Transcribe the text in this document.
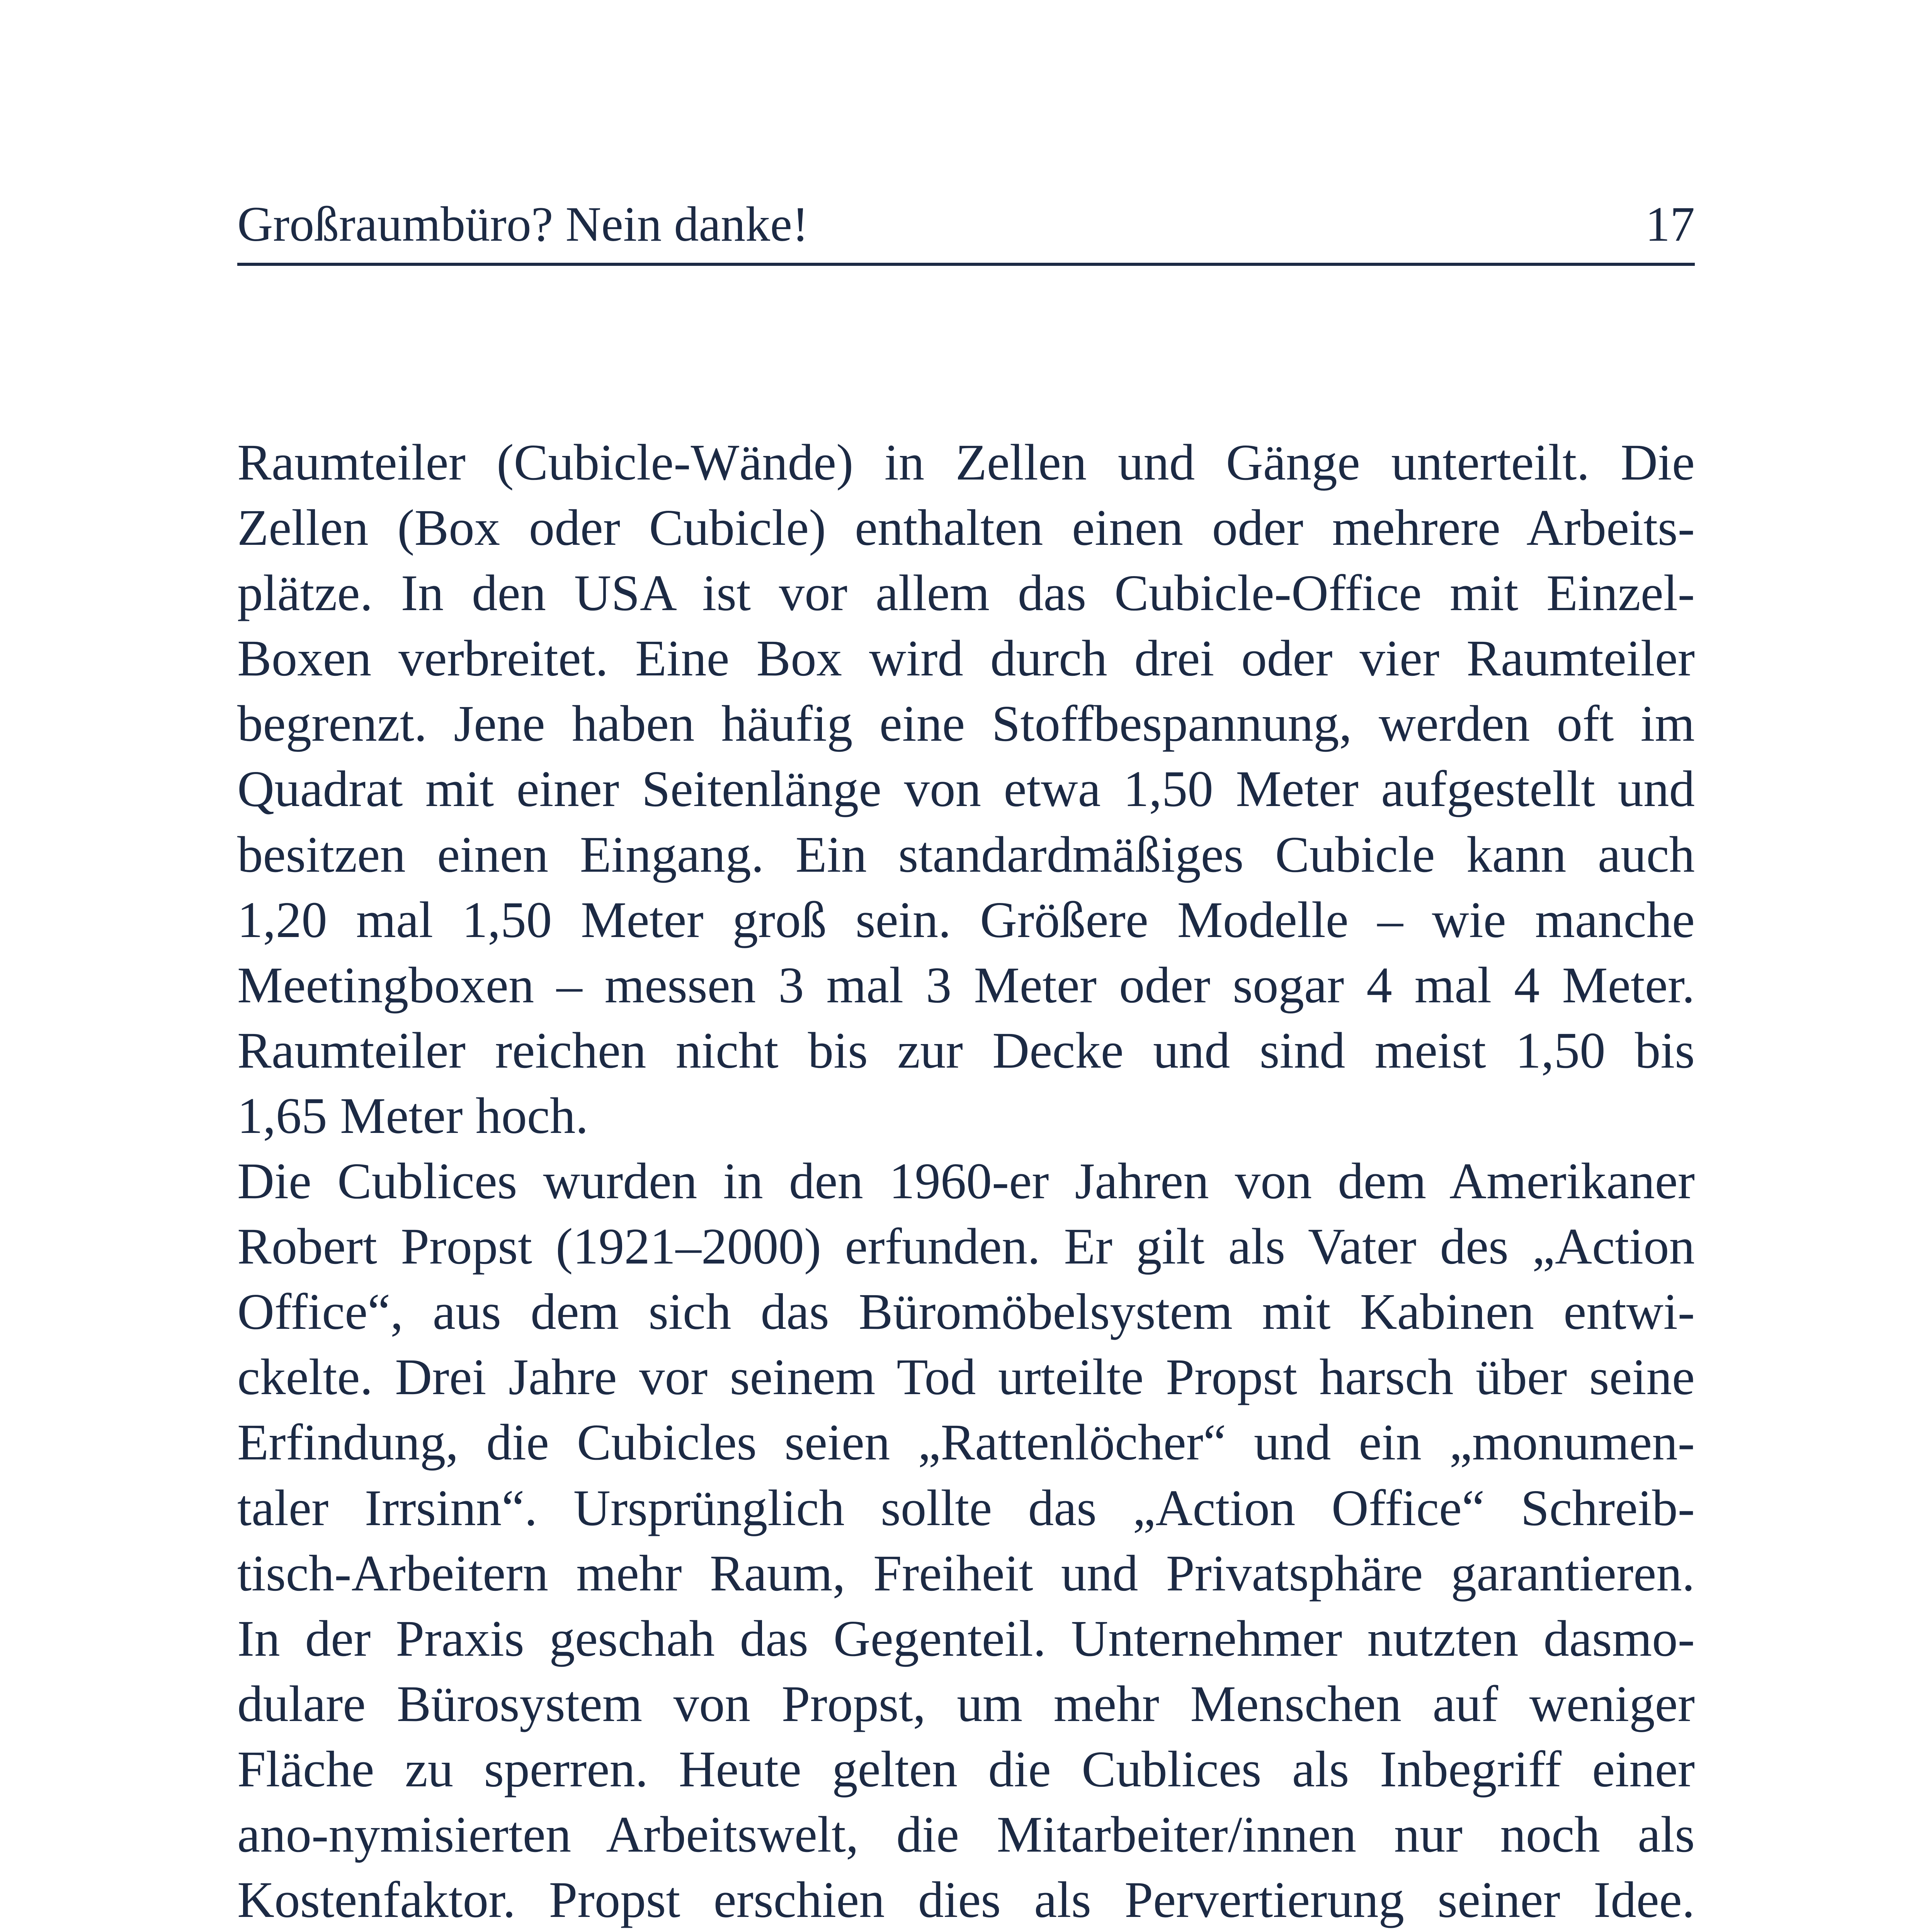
Großraumbüro? Nein danke!	17
Raumteiler (Cubicle-Wände) in Zellen und Gänge unterteilt. Die
Zellen (Box oder Cubicle) enthalten einen oder mehrere Arbeits-
plätze. In den USA ist vor allem das Cubicle-Office mit Einzel-
Boxen verbreitet. Eine Box wird durch drei oder vier Raumteiler
begrenzt. Jene haben häufig eine Stoffbespannung, werden oft im
Quadrat mit einer Seitenlänge von etwa 1,50 Meter aufgestellt und
besitzen einen Eingang. Ein standardmäßiges Cubicle kann auch
1,20 mal 1,50 Meter groß sein. Größere Modelle – wie manche
Meetingboxen – messen 3 mal 3 Meter oder sogar 4 mal 4 Meter.
Raumteiler reichen nicht bis zur Decke und sind meist 1,50 bis
1,65 Meter hoch.
Die Cublices wurden in den 1960-er Jahren von dem Amerikaner
Robert Propst (1921–2000) erfunden. Er gilt als Vater des „Action
Office“, aus dem sich das Büromöbelsystem mit Kabinen entwi-
ckelte. Drei Jahre vor seinem Tod urteilte Propst harsch über seine
Erfindung, die Cubicles seien „Rattenlöcher“ und ein „monumen-
taler Irrsinn“. Ursprünglich sollte das „Action Office“ Schreib-
tisch-Arbeitern mehr Raum, Freiheit und Privatsphäre garantieren.
In der Praxis geschah das Gegenteil. Unternehmer nutzten dasmo-
dulare Bürosystem von Propst, um mehr Menschen auf weniger
Fläche zu sperren. Heute gelten die Cublices als Inbegriff einer
ano-nymisierten Arbeitswelt, die Mitarbeiter/innen nur noch als
Kostenfaktor. Propst erschien dies als Pervertierung seiner Idee.
